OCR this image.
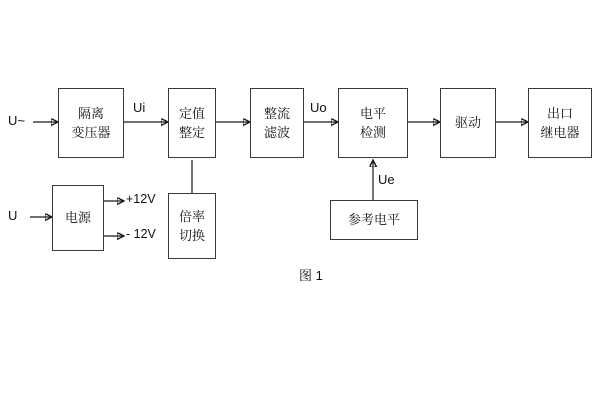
隔离
变压器
定值
整定
整流
滤波
电平
检测
驱动
出口
继电器
电源	倍率
切换
参考电平
U~
U
Ui	Uo
Ue
+12V
- 12V
图 1
